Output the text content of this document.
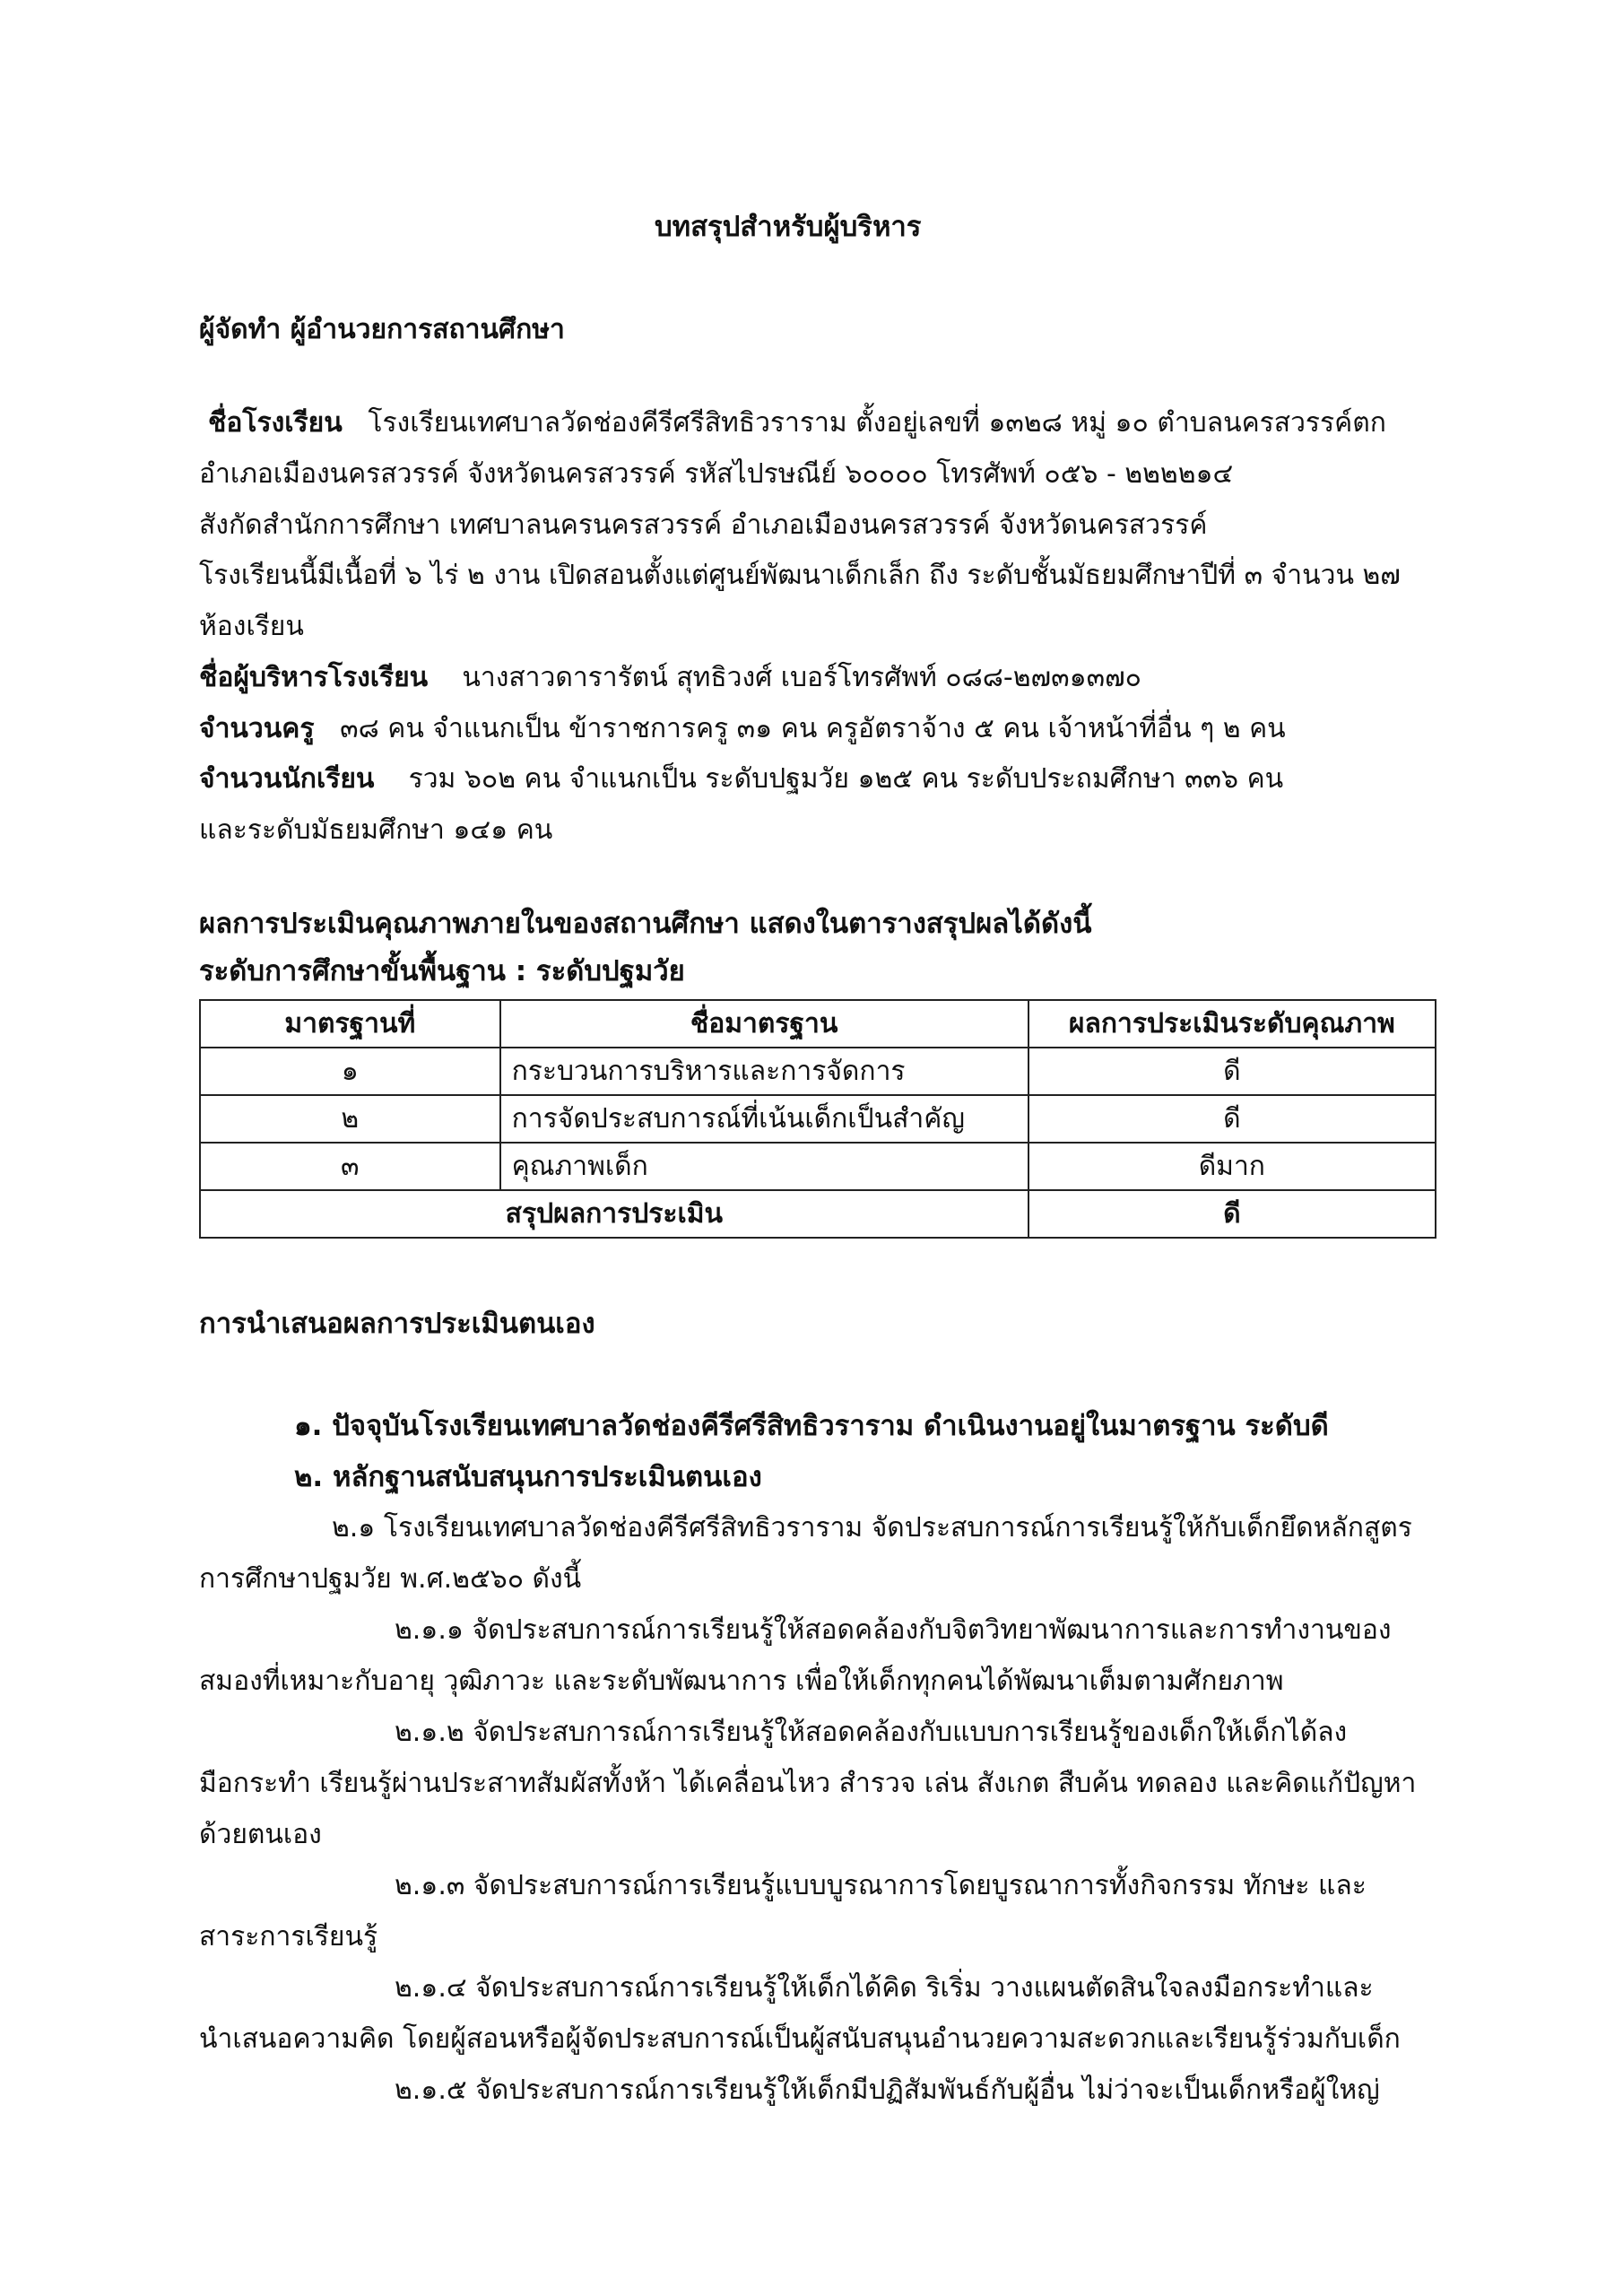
บทสรุปสำหรับผู้บริหาร
ผู้จัดทำ ผู้อำนวยการสถานศึกษา
ชื่อโรงเรียน โรงเรียนเทศบาลวัดช่องคีรีศรีสิทธิวราราม ตั้งอยู่เลขที่ ๑๓๒๘ หมู่ ๑๐ ตำบลนครสวรรค์ตก
อำเภอเมืองนครสวรรค์ จังหวัดนครสวรรค์ รหัสไปรษณีย์ ๖๐๐๐๐ โทรศัพท์ ๐๕๖ - ๒๒๒๒๑๔
สังกัดสำนักการศึกษา เทศบาลนครนครสวรรค์ อำเภอเมืองนครสวรรค์ จังหวัดนครสวรรค์
โรงเรียนนี้มีเนื้อที่ ๖ ไร่ ๒ งาน เปิดสอนตั้งแต่ศูนย์พัฒนาเด็กเล็ก ถึง ระดับชั้นมัธยมศึกษาปีที่ ๓ จำนวน ๒๗
ห้องเรียน
ชื่อผู้บริหารโรงเรียน นางสาวดารารัตน์ สุทธิวงศ์ เบอร์โทรศัพท์ ๐๘๘-๒๗๓๑๓๗๐
จำนวนครู ๓๘ คน จำแนกเป็น ข้าราชการครู ๓๑ คน ครูอัตราจ้าง ๕ คน เจ้าหน้าที่อื่น ๆ ๒ คน
จำนวนนักเรียน รวม ๖๐๒ คน จำแนกเป็น ระดับปฐมวัย ๑๒๕ คน ระดับประถมศึกษา ๓๓๖ คน
และระดับมัธยมศึกษา ๑๔๑ คน
ผลการประเมินคุณภาพภายในของสถานศึกษา แสดงในตารางสรุปผลได้ดังนี้
ระดับการศึกษาขั้นพื้นฐาน : ระดับปฐมวัย
มาตรฐานที่	ชื่อมาตรฐาน	ผลการประเมินระดับคุณภาพ
๑	กระบวนการบริหารและการจัดการ	ดี
๒	การจัดประสบการณ์ที่เน้นเด็กเป็นสำคัญ	ดี
๓	คุณภาพเด็ก	ดีมาก
สรุปผลการประเมิน		ดี
การนำเสนอผลการประเมินตนเอง
๑. ปัจจุบันโรงเรียนเทศบาลวัดช่องคีรีศรีสิทธิวราราม ดำเนินงานอยู่ในมาตรฐาน ระดับดี
๒. หลักฐานสนับสนุนการประเมินตนเอง
๒.๑ โรงเรียนเทศบาลวัดช่องคีรีศรีสิทธิวราราม จัดประสบการณ์การเรียนรู้ให้กับเด็กยึดหลักสูตร
การศึกษาปฐมวัย พ.ศ.๒๕๖๐ ดังนี้
๒.๑.๑ จัดประสบการณ์การเรียนรู้ให้สอดคล้องกับจิตวิทยาพัฒนาการและการทำงานของ
สมองที่เหมาะกับอายุ วุฒิภาวะ และระดับพัฒนาการ เพื่อให้เด็กทุกคนได้พัฒนาเต็มตามศักยภาพ
๒.๑.๒ จัดประสบการณ์การเรียนรู้ให้สอดคล้องกับแบบการเรียนรู้ของเด็กให้เด็กได้ลง
มือกระทำ เรียนรู้ผ่านประสาทสัมผัสทั้งห้า ได้เคลื่อนไหว สำรวจ เล่น สังเกต สืบค้น ทดลอง และคิดแก้ปัญหา
ด้วยตนเอง
๒.๑.๓ จัดประสบการณ์การเรียนรู้แบบบูรณาการโดยบูรณาการทั้งกิจกรรม ทักษะ และ
สาระการเรียนรู้
๒.๑.๔ จัดประสบการณ์การเรียนรู้ให้เด็กได้คิด ริเริ่ม วางแผนตัดสินใจลงมือกระทำและ
นำเสนอความคิด โดยผู้สอนหรือผู้จัดประสบการณ์เป็นผู้สนับสนุนอำนวยความสะดวกและเรียนรู้ร่วมกับเด็ก
๒.๑.๕ จัดประสบการณ์การเรียนรู้ให้เด็กมีปฏิสัมพันธ์กับผู้อื่น ไม่ว่าจะเป็นเด็กหรือผู้ใหญ่
